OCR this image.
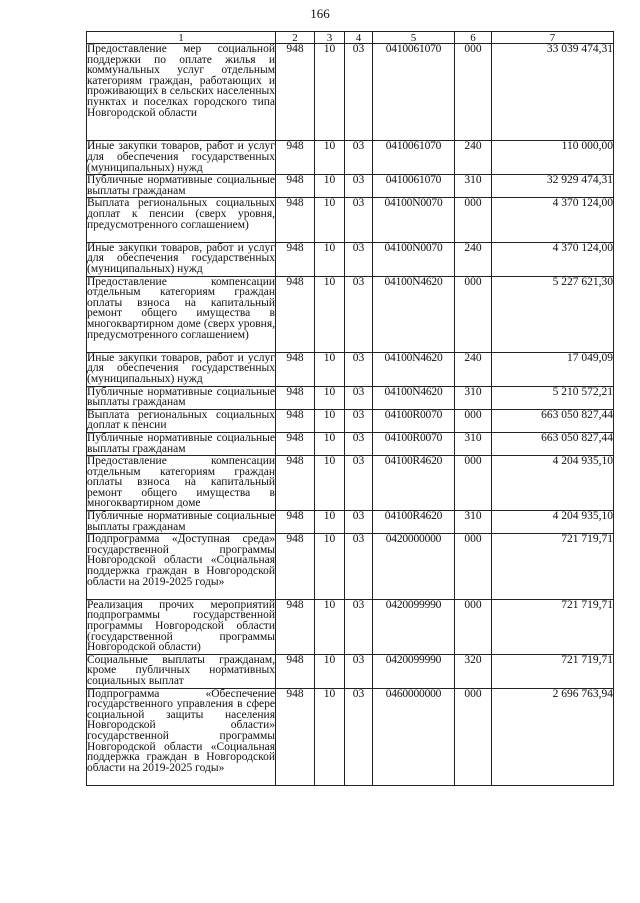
166
1	2	3	4	5	6	7
Предоставление мер социальной поддержки по оплате жилья и коммунальных услуг отдельным категориям граждан, работающих и проживающих в сельских населенных пунктах и поселках городского типа Новгородской области	948	10	03	0410061070	000	33 039 474,31
Иные закупки товаров, работ и услуг для обеспечения государственных (муниципальных) нужд	948	10	03	0410061070	240	110 000,00
Публичные нормативные социальные выплаты гражданам	948	10	03	0410061070	310	32 929 474,31
Выплата региональных социальных доплат к пенсии (сверх уровня, предусмотренного соглашением)	948	10	03	04100N0070	000	4 370 124,00
Иные закупки товаров, работ и услуг для обеспечения государственных (муниципальных) нужд	948	10	03	04100N0070	240	4 370 124,00
Предоставление компенсации отдельным категориям граждан оплаты взноса на капитальный ремонт общего имущества в многоквартирном доме (сверх уровня, предусмотренного соглашением)	948	10	03	04100N4620	000	5 227 621,30
Иные закупки товаров, работ и услуг для обеспечения государственных (муниципальных) нужд	948	10	03	04100N4620	240	17 049,09
Публичные нормативные социальные выплаты гражданам	948	10	03	04100N4620	310	5 210 572,21
Выплата региональных социальных доплат к пенсии	948	10	03	04100R0070	000	663 050 827,44
Публичные нормативные социальные выплаты гражданам	948	10	03	04100R0070	310	663 050 827,44
Предоставление компенсации отдельным категориям граждан оплаты взноса на капитальный ремонт общего имущества в многоквартирном доме	948	10	03	04100R4620	000	4 204 935,10
Публичные нормативные социальные выплаты гражданам	948	10	03	04100R4620	310	4 204 935,10
Подпрограмма «Доступная среда» государственной программы Новгородской области «Социальная поддержка граждан в Новгородской области на 2019-2025 годы»	948	10	03	0420000000	000	721 719,71
Реализация прочих мероприятий подпрограммы государственной программы Новгородской области (государственной программы Новгородской области)	948	10	03	0420099990	000	721 719,71
Социальные выплаты гражданам, кроме публичных нормативных социальных выплат	948	10	03	0420099990	320	721 719,71
Подпрограмма «Обеспечение государственного управления в сфере социальной защиты населения Новгородской области» государственной программы Новгородской области «Социальная поддержка граждан в Новгородской области на 2019-2025 годы»	948	10	03	0460000000	000	2 696 763,94
